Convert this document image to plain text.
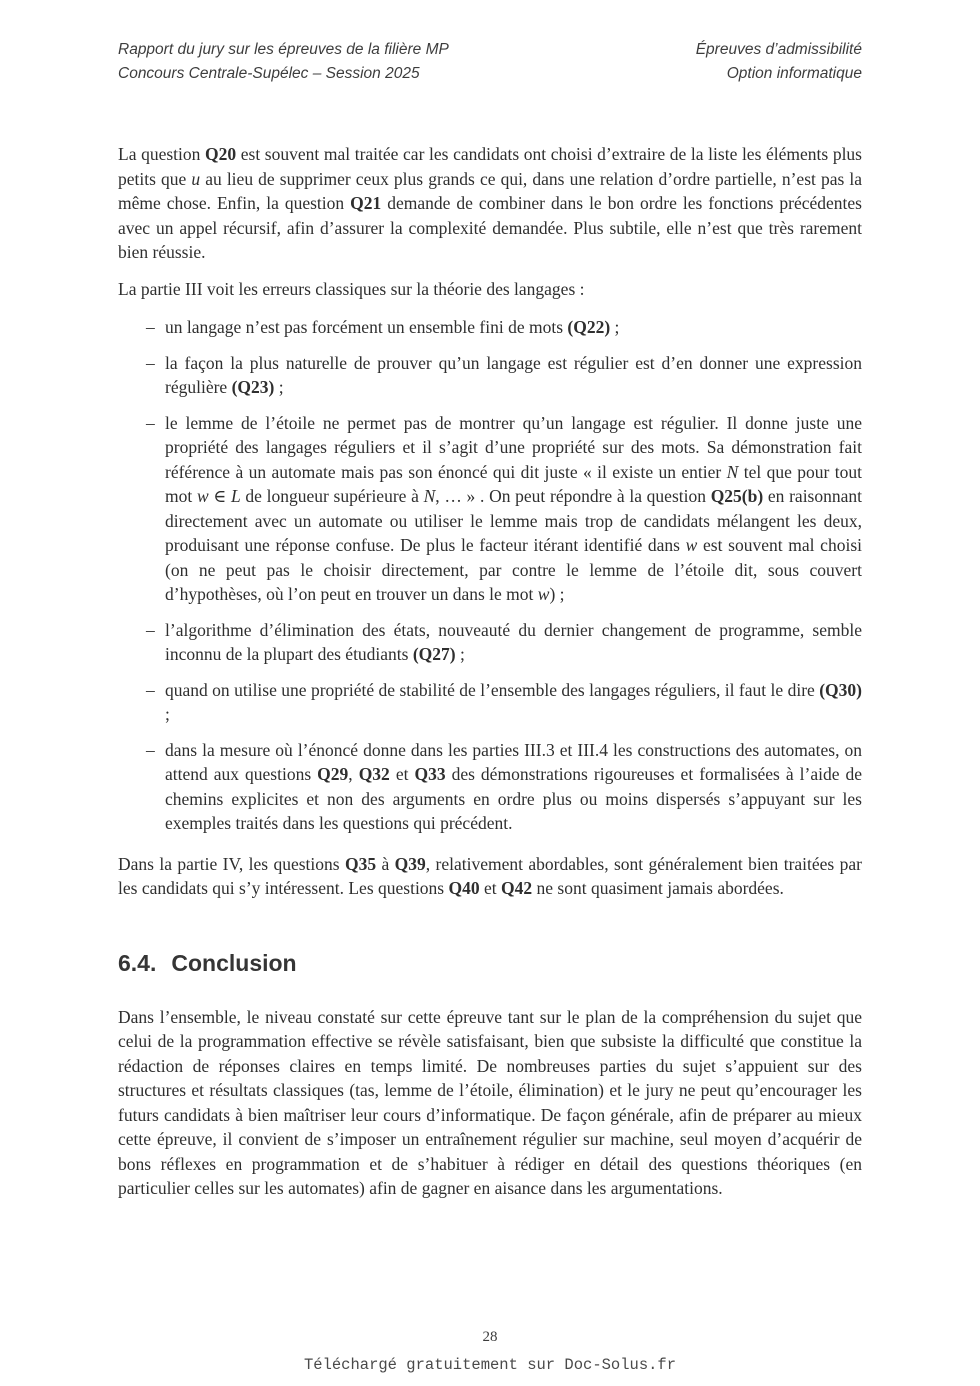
Rapport du jury sur les épreuves de la filière MP
Concours Centrale-Supélec – Session 2025
Épreuves d’admissibilité
Option informatique

La question Q20 est souvent mal traitée car les candidats ont choisi d’extraire de la liste les éléments plus petits que u au lieu de supprimer ceux plus grands ce qui, dans une relation d’ordre partielle, n’est pas la même chose. Enfin, la question Q21 demande de combiner dans le bon ordre les fonctions précédentes avec un appel récursif, afin d’assurer la complexité demandée. Plus subtile, elle n’est que très rarement bien réussie.

La partie III voit les erreurs classiques sur la théorie des langages :

– un langage n’est pas forcément un ensemble fini de mots (Q22) ;
– la façon la plus naturelle de prouver qu’un langage est régulier est d’en donner une expression régulière (Q23) ;
– le lemme de l’étoile ne permet pas de montrer qu’un langage est régulier. Il donne juste une propriété des langages réguliers et il s’agit d’une propriété sur des mots. Sa démonstration fait référence à un automate mais pas son énoncé qui dit juste « il existe un entier N tel que pour tout mot w ∈ L de longueur supérieure à N, … » . On peut répondre à la question Q25(b) en raisonnant directement avec un automate ou utiliser le lemme mais trop de candidats mélangent les deux, produisant une réponse confuse. De plus le facteur itérant identifié dans w est souvent mal choisi (on ne peut pas le choisir directement, par contre le lemme de l’étoile dit, sous couvert d’hypothèses, où l’on peut en trouver un dans le mot w) ;
– l’algorithme d’élimination des états, nouveauté du dernier changement de programme, semble inconnu de la plupart des étudiants (Q27) ;
– quand on utilise une propriété de stabilité de l’ensemble des langages réguliers, il faut le dire (Q30) ;
– dans la mesure où l’énoncé donne dans les parties III.3 et III.4 les constructions des automates, on attend aux questions Q29, Q32 et Q33 des démonstrations rigoureuses et formalisées à l’aide de chemins explicites et non des arguments en ordre plus ou moins dispersés s’appuyant sur les exemples traités dans les questions qui précédent.

Dans la partie IV, les questions Q35 à Q39, relativement abordables, sont généralement bien traitées par les candidats qui s’y intéressent. Les questions Q40 et Q42 ne sont quasiment jamais abordées.

6.4. Conclusion

Dans l’ensemble, le niveau constaté sur cette épreuve tant sur le plan de la compréhension du sujet que celui de la programmation effective se révèle satisfaisant, bien que subsiste la difficulté que constitue la rédaction de réponses claires en temps limité. De nombreuses parties du sujet s’appuient sur des structures et résultats classiques (tas, lemme de l’étoile, élimination) et le jury ne peut qu’encourager les futurs candidats à bien maîtriser leur cours d’informatique. De façon générale, afin de préparer au mieux cette épreuve, il convient de s’imposer un entraînement régulier sur machine, seul moyen d’acquérir de bons réflexes en programmation et de s’habituer à rédiger en détail des questions théoriques (en particulier celles sur les automates) afin de gagner en aisance dans les argumentations.

28
Téléchargé gratuitement sur Doc-Solus.fr
